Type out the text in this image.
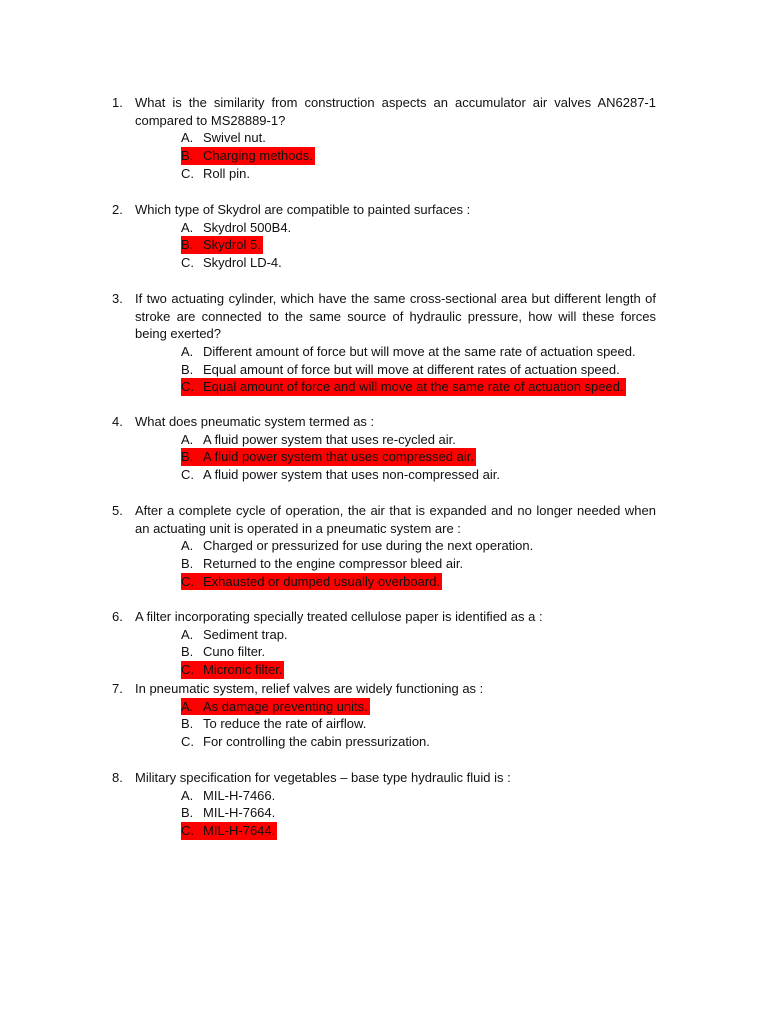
1. What is the similarity from construction aspects an accumulator air valves AN6287-1 compared to MS28889-1?
A. Swivel nut.
B. Charging methods.
C. Roll pin.
2. Which type of Skydrol are compatible to painted surfaces :
A. Skydrol 500B4.
B. Skydrol 5.
C. Skydrol LD-4.
3. If two actuating cylinder, which have the same cross-sectional area but different length of stroke are connected to the same source of hydraulic pressure, how will these forces being exerted?
A. Different amount of force but will move at the same rate of actuation speed.
B. Equal amount of force but will move at different rates of actuation speed.
C. Equal amount of force and will move at the same rate of actuation speed.
4. What does pneumatic system termed as :
A. A fluid power system that uses re-cycled air.
B. A fluid power system that uses compressed air.
C. A fluid power system that uses non-compressed air.
5. After a complete cycle of operation, the air that is expanded and no longer needed when an actuating unit is operated in a pneumatic system are :
A. Charged or pressurized for use during the next operation.
B. Returned to the engine compressor bleed air.
C. Exhausted or dumped usually overboard.
6. A filter incorporating specially treated cellulose paper is identified as a :
A. Sediment trap.
B. Cuno filter.
C. Micronic filter.
7. In pneumatic system, relief valves are widely functioning as :
A. As damage preventing units.
B. To reduce the rate of airflow.
C. For controlling the cabin pressurization.
8. Military specification for vegetables – base type hydraulic fluid is :
A. MIL-H-7466.
B. MIL-H-7664.
C. MIL-H-7644.
